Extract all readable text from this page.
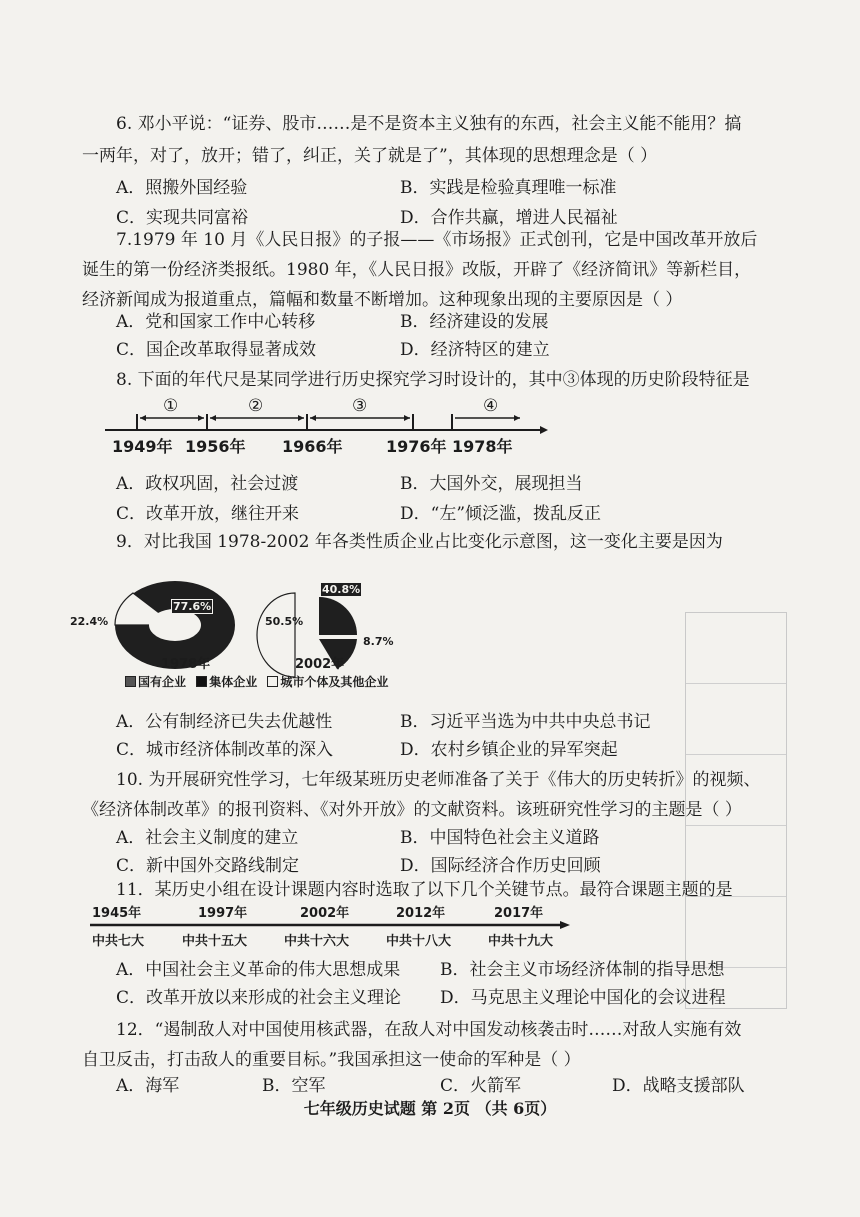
6. 邓小平说：“证券、股市……是不是资本主义独有的东西，社会主义能不能用？搞
一两年，对了，放开；错了，纠正，关了就是了”，其体现的思想理念是（ ）
A．照搬外国经验	B．实践是检验真理唯一标准
C．实现共同富裕	D．合作共赢，增进人民福祉
7.1979 年 10 月《人民日报》的子报——《市场报》正式创刊，它是中国改革开放后
诞生的第一份经济类报纸。1980 年，《人民日报》改版，开辟了《经济简讯》等新栏目，
经济新闻成为报道重点，篇幅和数量不断增加。这种现象出现的主要原因是（ ）
A．党和国家工作中心转移	B．经济建设的发展
C．国企改革取得显著成效	D．经济特区的建立
8. 下面的年代尺是某同学进行历史探究学习时设计的，其中③体现的历史阶段特征是
①	②	③	④
1949年 1956年 1966年	1976年 1978年
A．政权巩固，社会过渡	B．大国外交，展现担当
C．改革开放，继往开来	D．“左”倾泛滥，拨乱反正
9．对比我国 1978-2002 年各类性质企业占比变化示意图，这一变化主要是因为
77.6%
22.4%
1978年
50.5%
40.8%
8.7%
2002年
国有企业 集体企业 城市个体及其他企业
A．公有制经济已失去优越性	B．习近平当选为中共中央总书记
C．城市经济体制改革的深入	D．农村乡镇企业的异军突起
10. 为开展研究性学习，七年级某班历史老师准备了关于《伟大的历史转折》的视频、
《经济体制改革》的报刊资料、《对外开放》的文献资料。该班研究性学习的主题是（ ）
A．社会主义制度的建立	B．中国特色社会主义道路
C．新中国外交路线制定	D．国际经济合作历史回顾
11．某历史小组在设计课题内容时选取了以下几个关键节点。最符合课题主题的是
1945年	1997年	2002年	2012年	2017年
中共七大	中共十五大	中共十六大	中共十八大	中共十九大
A．中国社会主义革命的伟大思想成果 B．社会主义市场经济体制的指导思想
C．改革开放以来形成的社会主义理论 D．马克思主义理论中国化的会议进程
12．“遏制敌人对中国使用核武器，在敌人对中国发动核袭击时……对敌人实施有效
自卫反击，打击敌人的重要目标。”我国承担这一使命的军种是（ ）
A．海军	B．空军	C．火箭军	D．战略支援部队
七年级历史试题 第 2页 （共 6页）
